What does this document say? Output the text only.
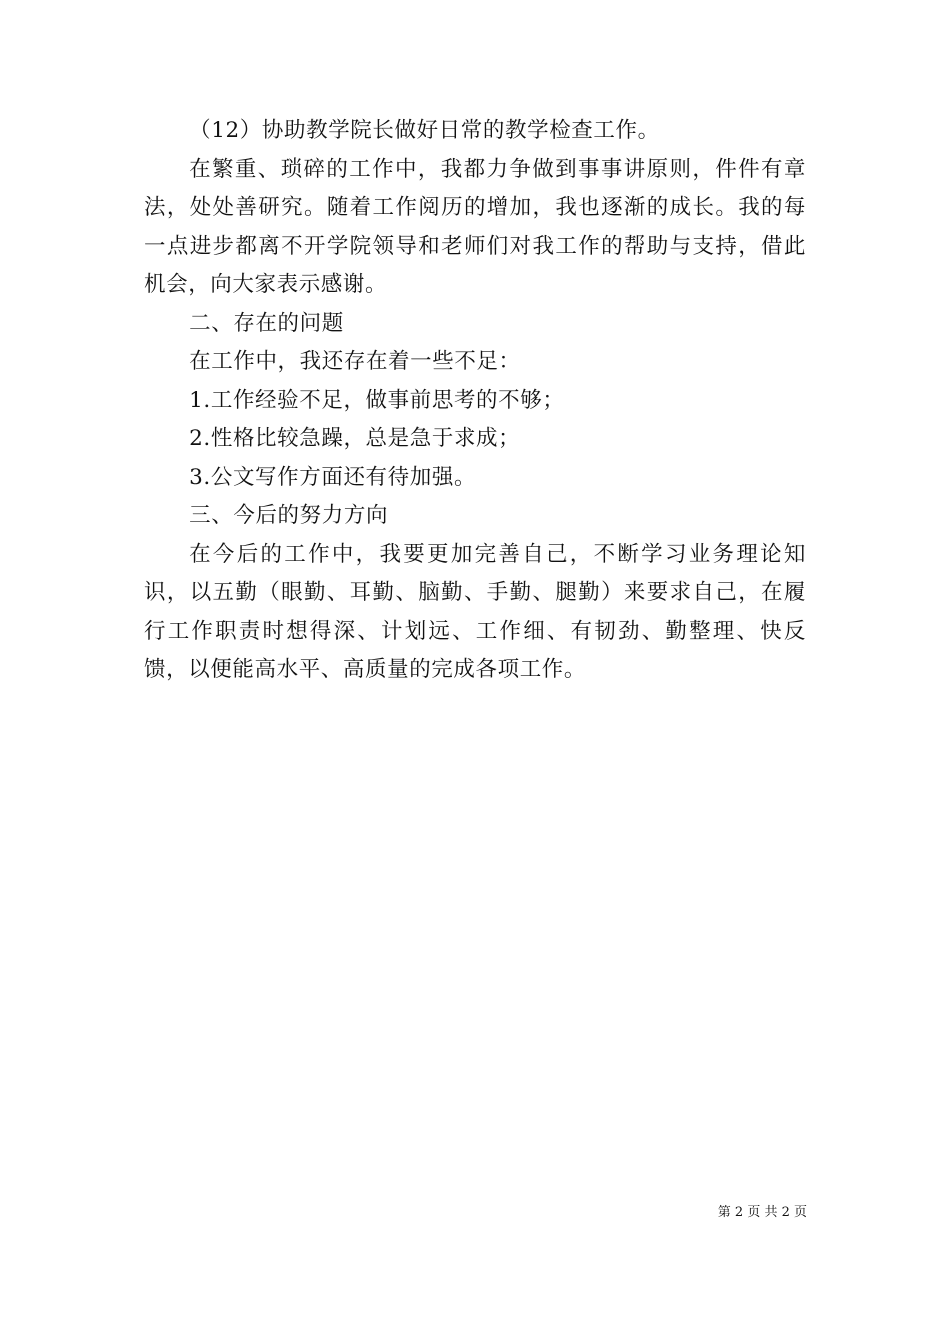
（12）协助教学院长做好日常的教学检查工作。

在繁重、琐碎的工作中，我都力争做到事事讲原则，件件有章法，处处善研究。随着工作阅历的增加，我也逐渐的成长。我的每一点进步都离不开学院领导和老师们对我工作的帮助与支持，借此机会，向大家表示感谢。

二、存在的问题

在工作中，我还存在着一些不足：

1.工作经验不足，做事前思考的不够；

2.性格比较急躁，总是急于求成；

3.公文写作方面还有待加强。

三、今后的努力方向

在今后的工作中，我要更加完善自己，不断学习业务理论知识，以五勤（眼勤、耳勤、脑勤、手勤、腿勤）来要求自己，在履行工作职责时想得深、计划远、工作细、有韧劲、勤整理、快反馈，以便能高水平、高质量的完成各项工作。

第 2 页 共 2 页
